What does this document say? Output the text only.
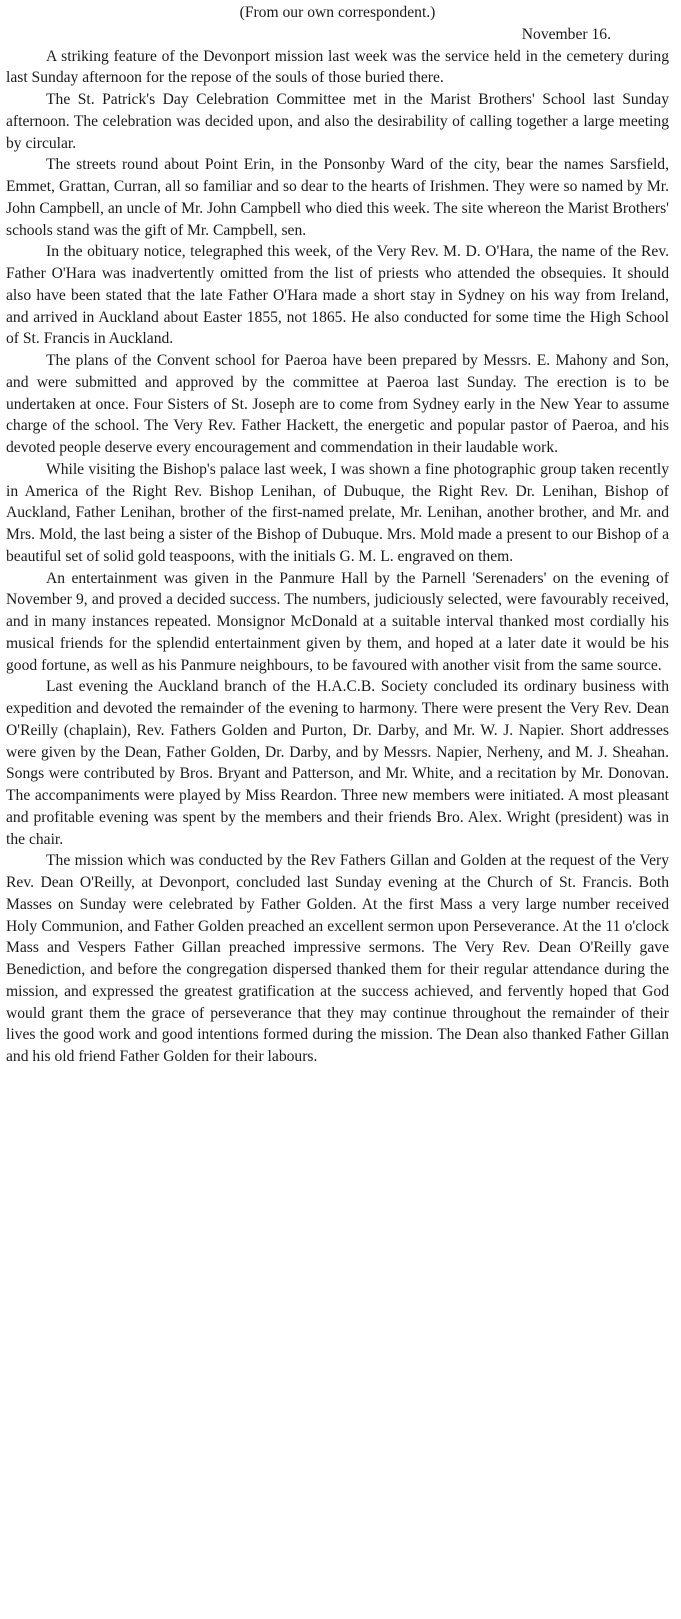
(From our own correspondent.)

November 16.

A striking feature of the Devonport mission last week was the service held in the cemetery during last Sunday afternoon for the repose of the souls of those buried there.

The St. Patrick's Day Celebration Committee met in the Marist Brothers' School last Sunday afternoon. The celebration was decided upon, and also the desirability of calling together a large meeting by circular.

The streets round about Point Erin, in the Ponsonby Ward of the city, bear the names Sarsfield, Emmet, Grattan, Curran, all so familiar and so dear to the hearts of Irishmen. They were so named by Mr. John Campbell, an uncle of Mr. John Campbell who died this week. The site whereon the Marist Brothers' schools stand was the gift of Mr. Campbell, sen.

In the obituary notice, telegraphed this week, of the Very Rev. M. D. O'Hara, the name of the Rev. Father O'Hara was inadvertently omitted from the list of priests who attended the obsequies. It should also have been stated that the late Father O'Hara made a short stay in Sydney on his way from Ireland, and arrived in Auckland about Easter 1855, not 1865. He also conducted for some time the High School of St. Francis in Auckland.

The plans of the Convent school for Paeroa have been prepared by Messrs. E. Mahony and Son, and were submitted and approved by the committee at Paeroa last Sunday. The erection is to be undertaken at once. Four Sisters of St. Joseph are to come from Sydney early in the New Year to assume charge of the school. The Very Rev. Father Hackett, the energetic and popular pastor of Paeroa, and his devoted people deserve every encouragement and commendation in their laudable work.

While visiting the Bishop's palace last week, I was shown a fine photographic group taken recently in America of the Right Rev. Bishop Lenihan, of Dubuque, the Right Rev. Dr. Lenihan, Bishop of Auckland, Father Lenihan, brother of the first-named prelate, Mr. Lenihan, another brother, and Mr. and Mrs. Mold, the last being a sister of the Bishop of Dubuque. Mrs. Mold made a present to our Bishop of a beautiful set of solid gold teaspoons, with the initials G. M. L. engraved on them.

An entertainment was given in the Panmure Hall by the Parnell 'Serenaders' on the evening of November 9, and proved a decided success. The numbers, judiciously selected, were favourably received, and in many instances repeated. Monsignor McDonald at a suitable interval thanked most cordially his musical friends for the splendid entertainment given by them, and hoped at a later date it would be his good fortune, as well as his Panmure neighbours, to be favoured with another visit from the same source.

Last evening the Auckland branch of the H.A.C.B. Society concluded its ordinary business with expedition and devoted the remainder of the evening to harmony. There were present the Very Rev. Dean O'Reilly (chaplain), Rev. Fathers Golden and Purton, Dr. Darby, and Mr. W. J. Napier. Short addresses were given by the Dean, Father Golden, Dr. Darby, and by Messrs. Napier, Nerheny, and M. J. Sheahan. Songs were contributed by Bros. Bryant and Patterson, and Mr. White, and a recitation by Mr. Donovan. The accompaniments were played by Miss Reardon. Three new members were initiated. A most pleasant and profitable evening was spent by the members and their friends Bro. Alex. Wright (president) was in the chair.

The mission which was conducted by the Rev Fathers Gillan and Golden at the request of the Very Rev. Dean O'Reilly, at Devonport, concluded last Sunday evening at the Church of St. Francis. Both Masses on Sunday were celebrated by Father Golden. At the first Mass a very large number received Holy Communion, and Father Golden preached an excellent sermon upon Perseverance. At the 11 o'clock Mass and Vespers Father Gillan preached impressive sermons. The Very Rev. Dean O'Reilly gave Benediction, and before the congregation dispersed thanked them for their regular attendance during the mission, and expressed the greatest gratification at the success achieved, and fervently hoped that God would grant them the grace of perseverance that they may continue throughout the remainder of their lives the good work and good intentions formed during the mission. The Dean also thanked Father Gillan and his old friend Father Golden for their labours.
